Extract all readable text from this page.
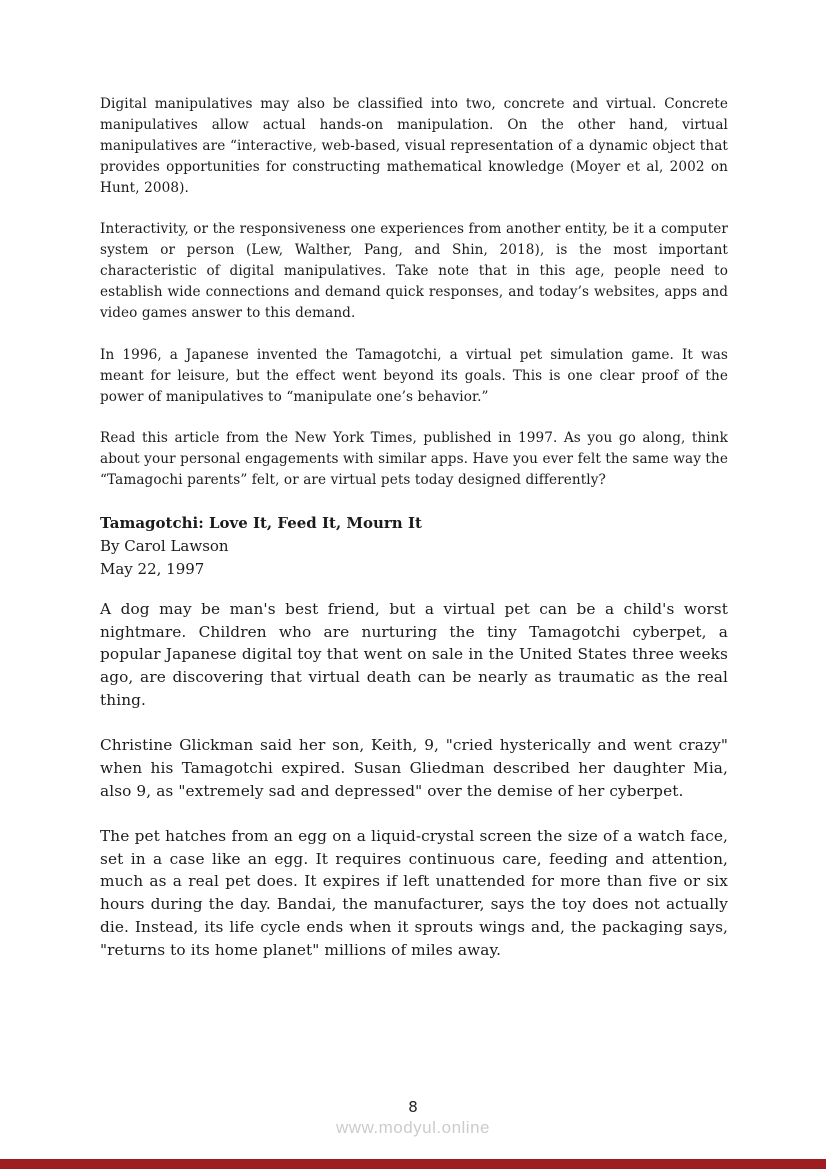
Digital manipulatives may also be classified into two, concrete and virtual. Concrete manipulatives allow actual hands-on manipulation. On the other hand, virtual manipulatives are “interactive, web-based, visual representation of a dynamic object that provides opportunities for constructing mathematical knowledge (Moyer et al, 2002 on Hunt, 2008).

Interactivity, or the responsiveness one experiences from another entity, be it a computer system or person (Lew, Walther, Pang, and Shin, 2018), is the most important characteristic of digital manipulatives. Take note that in this age, people need to establish wide connections and demand quick responses, and today’s websites, apps and video games answer to this demand.

In 1996, a Japanese invented the Tamagotchi, a virtual pet simulation game. It was meant for leisure, but the effect went beyond its goals. This is one clear proof of the power of manipulatives to “manipulate one’s behavior.”

Read this article from the New York Times, published in 1997. As you go along, think about your personal engagements with similar apps. Have you ever felt the same way the “Tamagochi parents” felt, or are virtual pets today designed differently?

Tamagotchi: Love It, Feed It, Mourn It
By Carol Lawson
May 22, 1997

A dog may be man's best friend, but a virtual pet can be a child's worst nightmare. Children who are nurturing the tiny Tamagotchi cyberpet, a popular Japanese digital toy that went on sale in the United States three weeks ago, are discovering that virtual death can be nearly as traumatic as the real thing.

Christine Glickman said her son, Keith, 9, "cried hysterically and went crazy" when his Tamagotchi expired. Susan Gliedman described her daughter Mia, also 9, as "extremely sad and depressed" over the demise of her cyberpet.

The pet hatches from an egg on a liquid-crystal screen the size of a watch face, set in a case like an egg. It requires continuous care, feeding and attention, much as a real pet does. It expires if left unattended for more than five or six hours during the day. Bandai, the manufacturer, says the toy does not actually die. Instead, its life cycle ends when it sprouts wings and, the packaging says, "returns to its home planet" millions of miles away.

8
www.modyul.online
